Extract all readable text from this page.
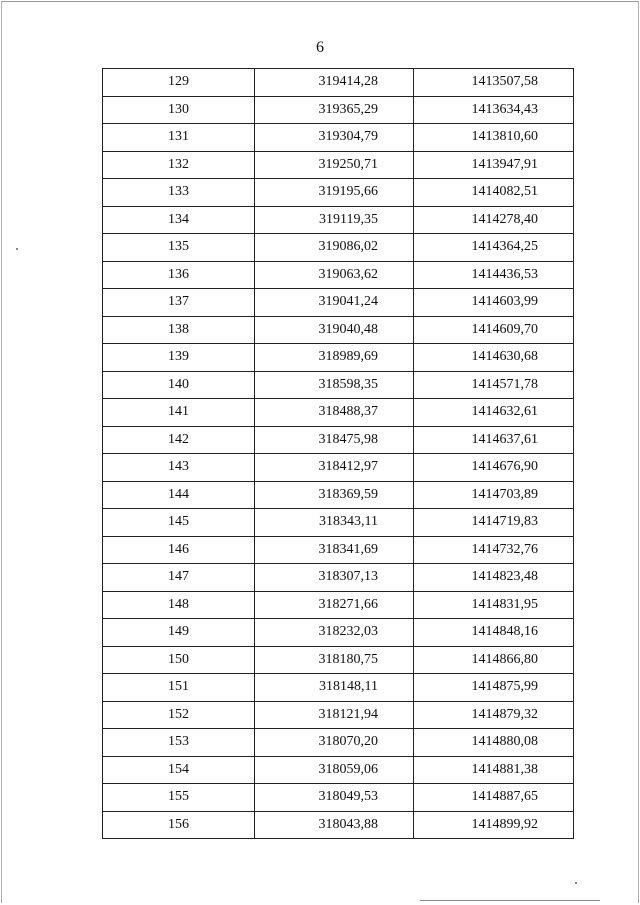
6
129	319414,28	1413507,58
130	319365,29	1413634,43
131	319304,79	1413810,60
132	319250,71	1413947,91
133	319195,66	1414082,51
134	319119,35	1414278,40
135	319086,02	1414364,25
136	319063,62	1414436,53
137	319041,24	1414603,99
138	319040,48	1414609,70
139	318989,69	1414630,68
140	318598,35	1414571,78
141	318488,37	1414632,61
142	318475,98	1414637,61
143	318412,97	1414676,90
144	318369,59	1414703,89
145	318343,11	1414719,83
146	318341,69	1414732,76
147	318307,13	1414823,48
148	318271,66	1414831,95
149	318232,03	1414848,16
150	318180,75	1414866,80
151	318148,11	1414875,99
152	318121,94	1414879,32
153	318070,20	1414880,08
154	318059,06	1414881,38
155	318049,53	1414887,65
156	318043,88	1414899,92
